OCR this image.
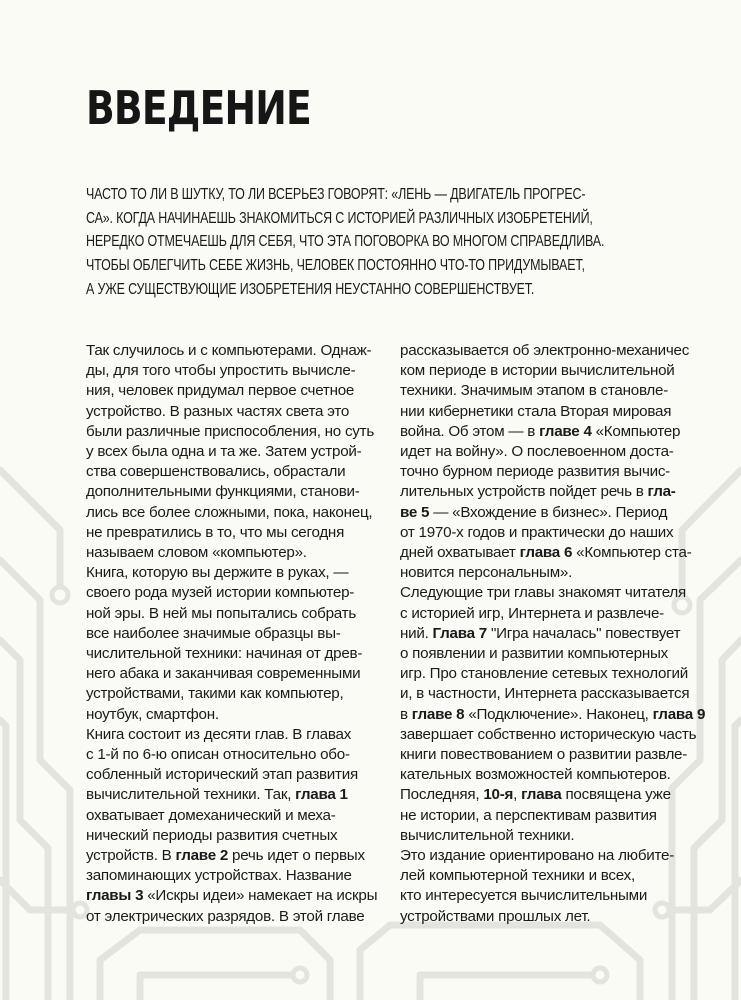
ВВЕДЕНИЕ
ЧАСТО ТО ЛИ В ШУТКУ, ТО ЛИ ВСЕРЬЕЗ ГОВОРЯТ: «ЛЕНЬ — ДВИГАТЕЛЬ ПРОГРЕС-
СА». КОГДА НАЧИНАЕШЬ ЗНАКОМИТЬСЯ С ИСТОРИЕЙ РАЗЛИЧНЫХ ИЗОБРЕТЕНИЙ,
НЕРЕДКО ОТМЕЧАЕШЬ ДЛЯ СЕБЯ, ЧТО ЭТА ПОГОВОРКА ВО МНОГОМ СПРАВЕДЛИВА.
ЧТОБЫ ОБЛЕГЧИТЬ СЕБЕ ЖИЗНЬ, ЧЕЛОВЕК ПОСТОЯННО ЧТО-ТО ПРИДУМЫВАЕТ,
А УЖЕ СУЩЕСТВУЮЩИЕ ИЗОБРЕТЕНИЯ НЕУСТАННО СОВЕРШЕНСТВУЕТ.
Так случилось и с компьютерами. Однаж-
ды, для того чтобы упростить вычисле-
ния, человек придумал первое счетное
устройство. В разных частях света это
были различные приспособления, но суть
у всех была одна и та же. Затем устрой-
ства совершенствовались, обрастали
дополнительными функциями, станови-
лись все более сложными, пока, наконец,
не превратились в то, что мы сегодня
называем словом «компьютер».
Книга, которую вы держите в руках, —
своего рода музей истории компьютер-
ной эры. В ней мы попытались собрать
все наиболее значимые образцы вы-
числительной техники: начиная от древ-
него абака и заканчивая современными
устройствами, такими как компьютер,
ноутбук, смартфон.
Книга состоит из десяти глав. В главах
с 1-й по 6-ю описан относительно обо-
собленный исторический этап развития
вычислительной техники. Так, глава 1
охватывает домеханический и меха-
нический периоды развития счетных
устройств. В главе 2 речь идет о первых
запоминающих устройствах. Название
главы 3 «Искры идеи» намекает на искры
от электрических разрядов. В этой главе
рассказывается об электронно-механичес
ком периоде в истории вычислительной
техники. Значимым этапом в становле-
нии кибернетики стала Вторая мировая
война. Об этом — в главе 4 «Компьютер
идет на войну». О послевоенном доста-
точно бурном периоде развития вычис-
лительных устройств пойдет речь в гла-
ве 5 — «Вхождение в бизнес». Период
от 1970-х годов и практически до наших
дней охватывает глава 6 «Компьютер ста-
новится персональным».
Следующие три главы знакомят читателя
с историей игр, Интернета и развлече-
ний. Глава 7 "Игра началась" повествует
о появлении и развитии компьютерных
игр. Про становление сетевых технологий
и, в частности, Интернета рассказывается
в главе 8 «Подключение». Наконец, глава 9
завершает собственно историческую часть
книги повествованием о развитии развле-
кательных возможностей компьютеров.
Последняя, 10-я, глава посвящена уже
не истории, а перспективам развития
вычислительной техники.
Это издание ориентировано на любите-
лей компьютерной техники и всех,
кто интересуется вычислительными
устройствами прошлых лет.
